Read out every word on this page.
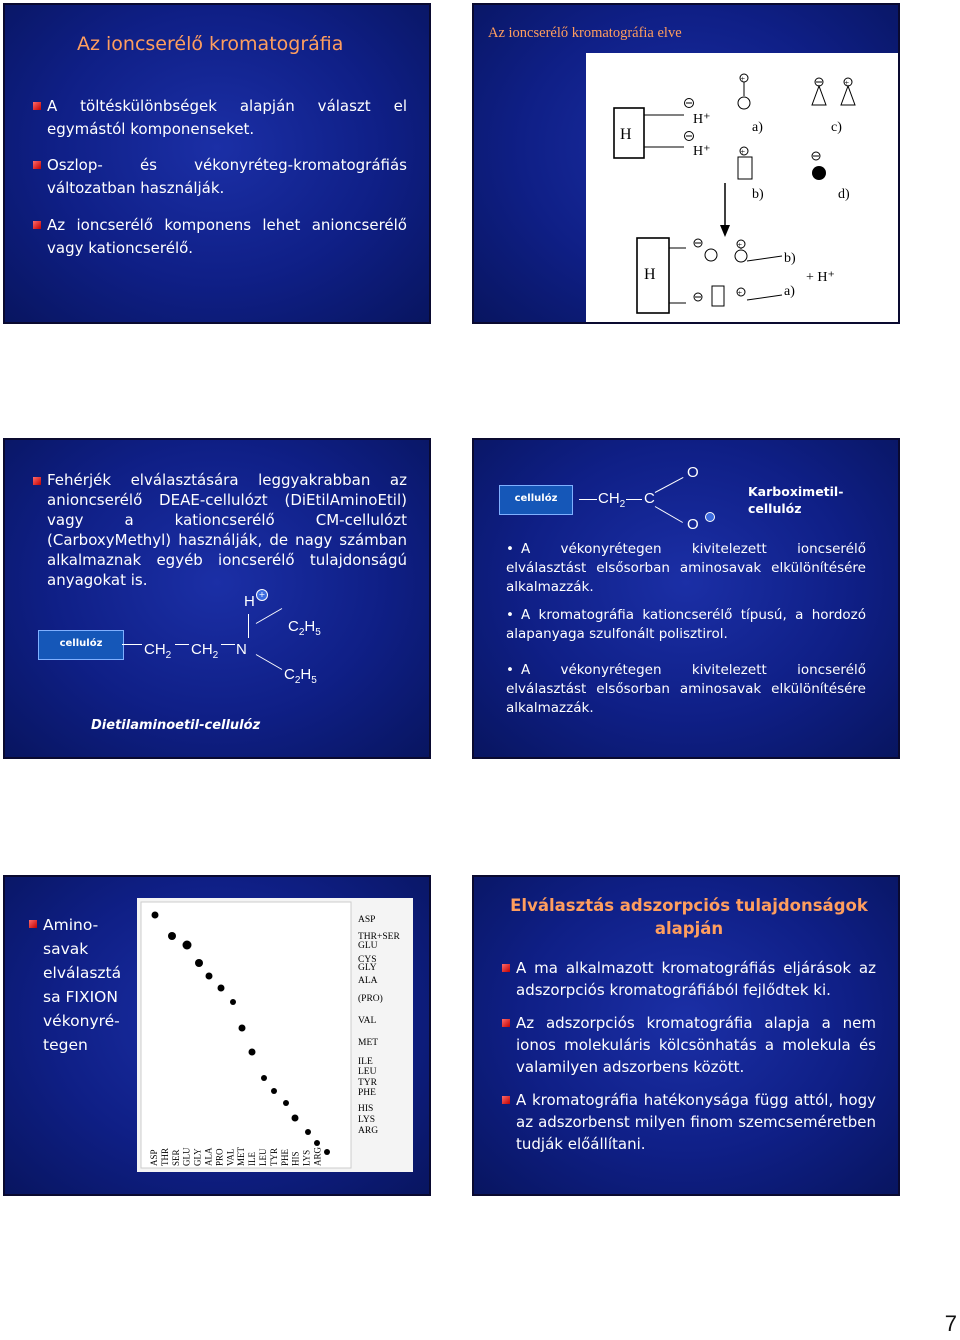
Az ioncserélő kromatográfia
A töltéskülönbségek alapján választ el egymástól komponenseket.
Oszlop- és vékonyréteg-kromatográfiás változatban használják.
Az ioncserélő komponens lehet anioncserélő vagy kationcserélő.
Az ioncserélő kromatográfia elve
H
H⁺
H⁺
+
a)
+
c)
+
b)	d)
H
+
+
b)
a)
+ H⁺
Fehérjék elválasztására leggyakrabban az anioncserélő DEAE-cellulózt (DiEtilAminoEtil) vagy a kationcserélő CM-cellulózt (CarboxyMethyl) használják, de nagy számban alkalmaznak egyéb ioncserélő tulajdonságú anyagokat is.
cellulóz	$CH_2$ $CH_2$ N
H +
$C_2H_5$
$C_2H_5$
Dietilaminoetil-cellulóz
cellulóz	$CH_2$ C
O
O
Karboximetil-cellulóz
• A vékonyrétegen kivitelezett ioncserélő elválasztást elsősorban aminosavak elkülönítésére alkalmazzák.
• A kromatográfia kationcserélő típusú, a hordozó alapanyaga szulfonált polisztirol.
• A vékonyrétegen kivitelezett ioncserélő elválasztást elsősorban aminosavak elkülönítésére alkalmazzák.
Amino-savak elválasztá sa FIXION vékonyré-tegen
ASP
THR+SER
GLU
CYS
GLY
ALA
(PRO)
VAL
MET
ILE
LEU
TYR
PHE
HIS
LYS
ARG
ASP THR SER GLU GLY ALA PRO VAL MET ILE LEU TYR PHE HIS LYS ARG
Elválasztás adszorpciós tulajdonságok alapján
A ma alkalmazott kromatográfiás eljárások az adszorpciós kromatográfiából fejlődtek ki.
Az adszorpciós kromatográfia alapja a nem ionos molekuláris kölcsönhatás a molekula és valamilyen adszorbens között.
A kromatográfia hatékonysága függ attól, hogy az adszorbenst milyen finom szemcseméretben tudják előállítani.
7
